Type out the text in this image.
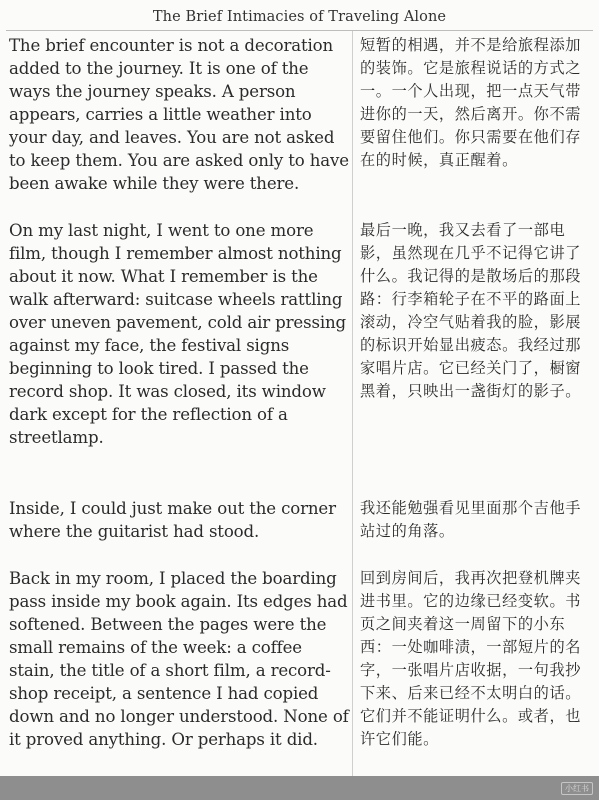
The Brief Intimacies of Traveling Alone

The brief encounter is not a decoration added to the journey. It is one of the ways the journey speaks. A person appears, carries a little weather into your day, and leaves. You are not asked to keep them. You are asked only to have been awake while they were there.

短暂的相遇，并不是给旅程添加的装饰。它是旅程说话的方式之一。一个人出现，把一点天气带进你的一天，然后离开。你不需要留住他们。你只需要在他们存在的时候，真正醒着。

On my last night, I went to one more film, though I remember almost nothing about it now. What I remember is the walk afterward: suitcase wheels rattling over uneven pavement, cold air pressing against my face, the festival signs beginning to look tired. I passed the record shop. It was closed, its window dark except for the reflection of a streetlamp.

最后一晚，我又去看了一部电影，虽然现在几乎不记得它讲了什么。我记得的是散场后的那段路：行李箱轮子在不平的路面上滚动，冷空气贴着我的脸，影展的标识开始显出疲态。我经过那家唱片店。它已经关门了，橱窗黑着，只映出一盏街灯的影子。

Inside, I could just make out the corner where the guitarist had stood.

我还能勉强看见里面那个吉他手站过的角落。

Back in my room, I placed the boarding pass inside my book again. Its edges had softened. Between the pages were the small remains of the week: a coffee stain, the title of a short film, a record-shop receipt, a sentence I had copied down and no longer understood. None of it proved anything. Or perhaps it did.

回到房间后，我再次把登机牌夹进书里。它的边缘已经变软。书页之间夹着这一周留下的小东西：一处咖啡渍，一部短片的名字，一张唱片店收据，一句我抄下来、后来已经不太明白的话。它们并不能证明什么。或者，也许它们能。

小红书
